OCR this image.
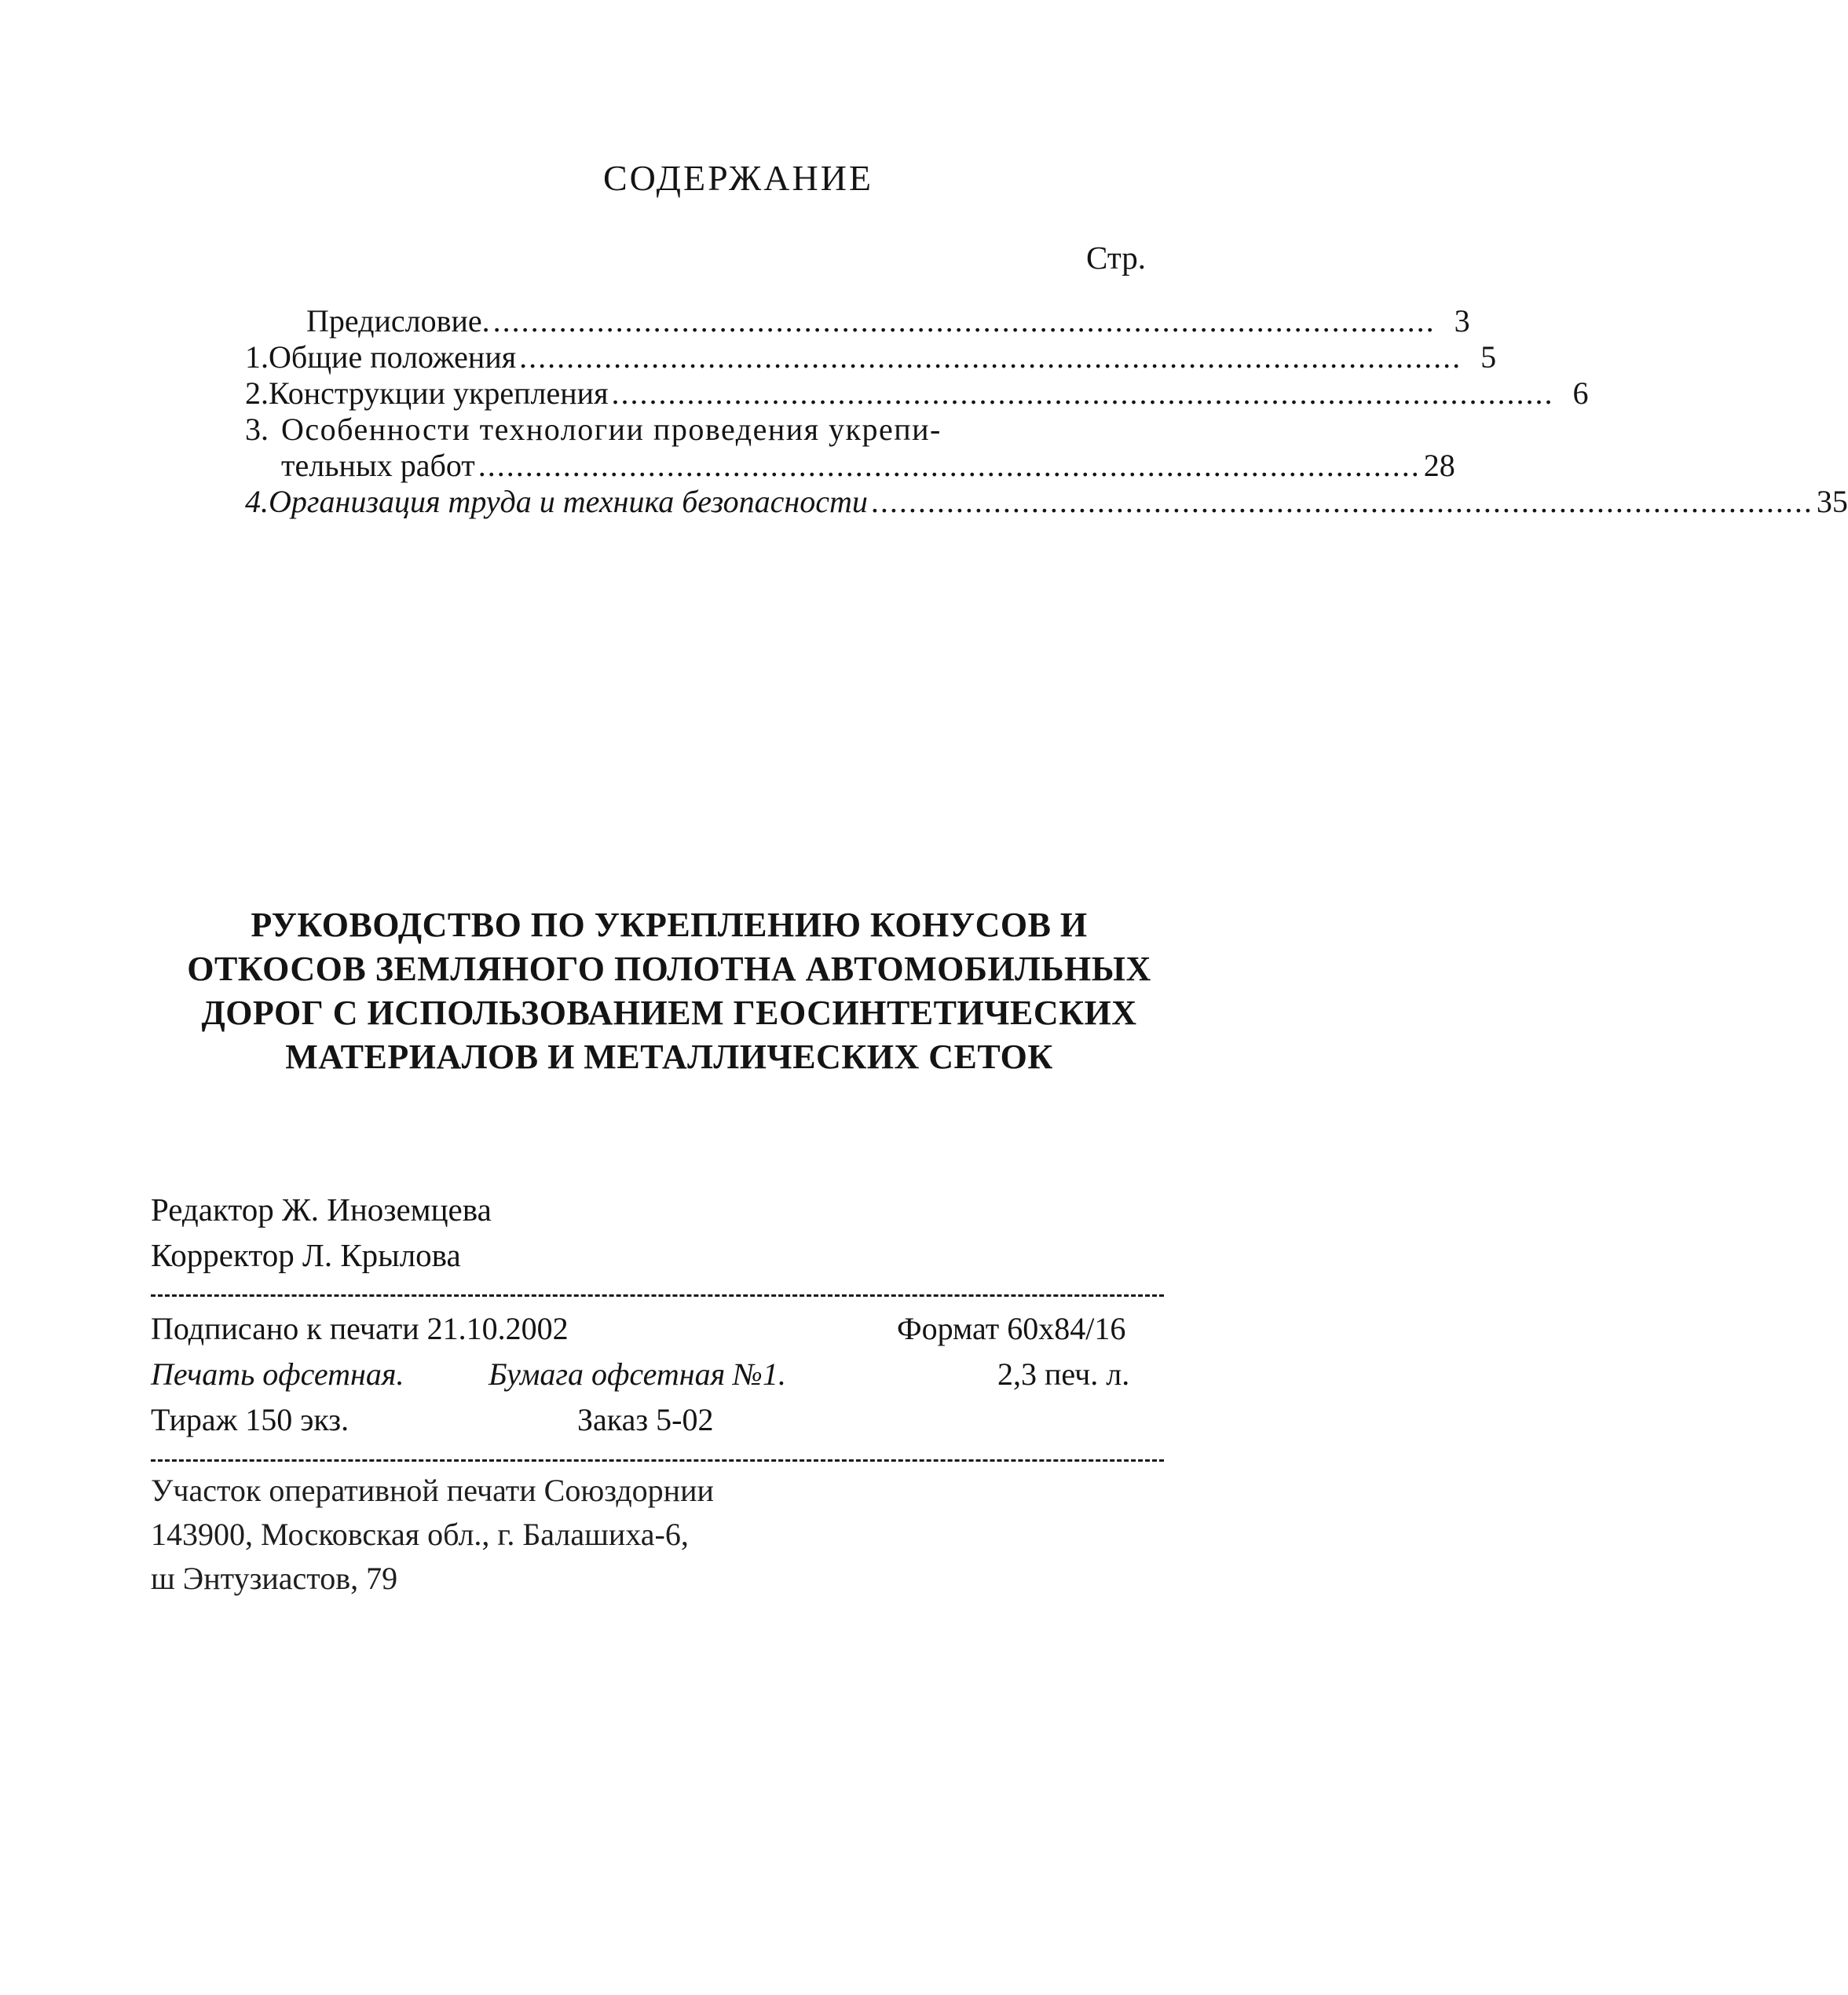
СОДЕРЖАНИЕ
Стр.
Предисловие. .................................................................................................... 3
1. Общие положения .................................................................................................... 5
2. Конструкции укрепления .................................................................................................... 6
3. Особенности технологии проведения укрепи-
тельных работ .................................................................................................... 28
4. Организация труда и техника безопасности .................................................................................................... 35
РУКОВОДСТВО ПО УКРЕПЛЕНИЮ КОНУСОВ И
ОТКОСОВ ЗЕМЛЯНОГО ПОЛОТНА АВТОМОБИЛЬНЫХ
ДОРОГ С ИСПОЛЬЗОВАНИЕМ ГЕОСИНТЕТИЧЕСКИХ
МАТЕРИАЛОВ И МЕТАЛЛИЧЕСКИХ СЕТОК
Редактор Ж. Иноземцева
Корректор Л. Крылова
Подписано к печати 21.10.2002	Формат 60x84/16
Печать офсетная.	Бумага офсетная №1.	2,3 печ. л.
Тираж 150 экз.	Заказ 5-02
Участок оперативной печати Союздорнии
143900, Московская обл., г. Балашиха-6,
ш Энтузиастов, 79
